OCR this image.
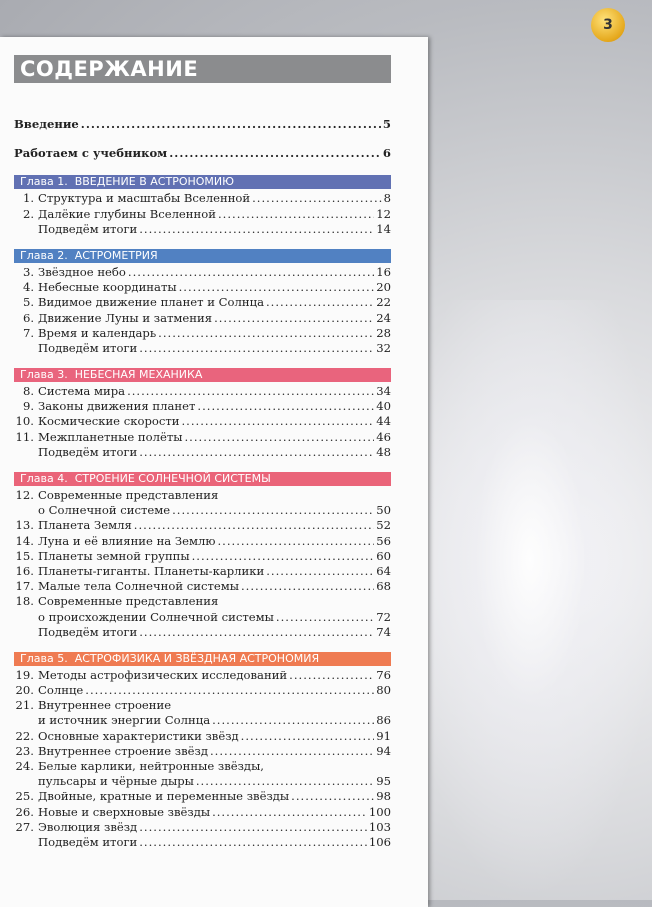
3
СОДЕРЖАНИЕ
Введение .....	5
Работаем с учебником .....	6
Глава 1. ВВЕДЕНИЕ В АСТРОНОМИЮ
1. Структура и масштабы Вселенной .....	8
2. Далёкие глубины Вселенной .....	12
Подведём итоги .....	14
Глава 2. АСТРОМЕТРИЯ
3. Звёздное небо .....	16
4. Небесные координаты .....	20
5. Видимое движение планет и Солнца .....	22
6. Движение Луны и затмения .....	24
7. Время и календарь .....	28
Подведём итоги .....	32
Глава 3. НЕБЕСНАЯ МЕХАНИКА
8. Система мира .....	34
9. Законы движения планет .....	40
10. Космические скорости .....	44
11. Межпланетные полёты .....	46
Подведём итоги .....	48
Глава 4. СТРОЕНИЕ СОЛНЕЧНОЙ СИСТЕМЫ
12. Современные представления
о Солнечной системе .....	50
13. Планета Земля .....	52
14. Луна и её влияние на Землю .....	56
15. Планеты земной группы .....	60
16. Планеты-гиганты. Планеты-карлики .....	64
17. Малые тела Солнечной системы .....	68
18. Современные представления
о происхождении Солнечной системы .....	72
Подведём итоги .....	74
Глава 5. АСТРОФИЗИКА И ЗВЁЗДНАЯ АСТРОНОМИЯ
19. Методы астрофизических исследований .....	76
20. Солнце .....	80
21. Внутреннее строение
и источник энергии Солнца .....	86
22. Основные характеристики звёзд .....	91
23. Внутреннее строение звёзд .....	94
24. Белые карлики, нейтронные звёзды,
пульсары и чёрные дыры .....	95
25. Двойные, кратные и переменные звёзды .....	98
26. Новые и сверхновые звёзды .....	100
27. Эволюция звёзд .....	103
Подведём итоги .....	106
